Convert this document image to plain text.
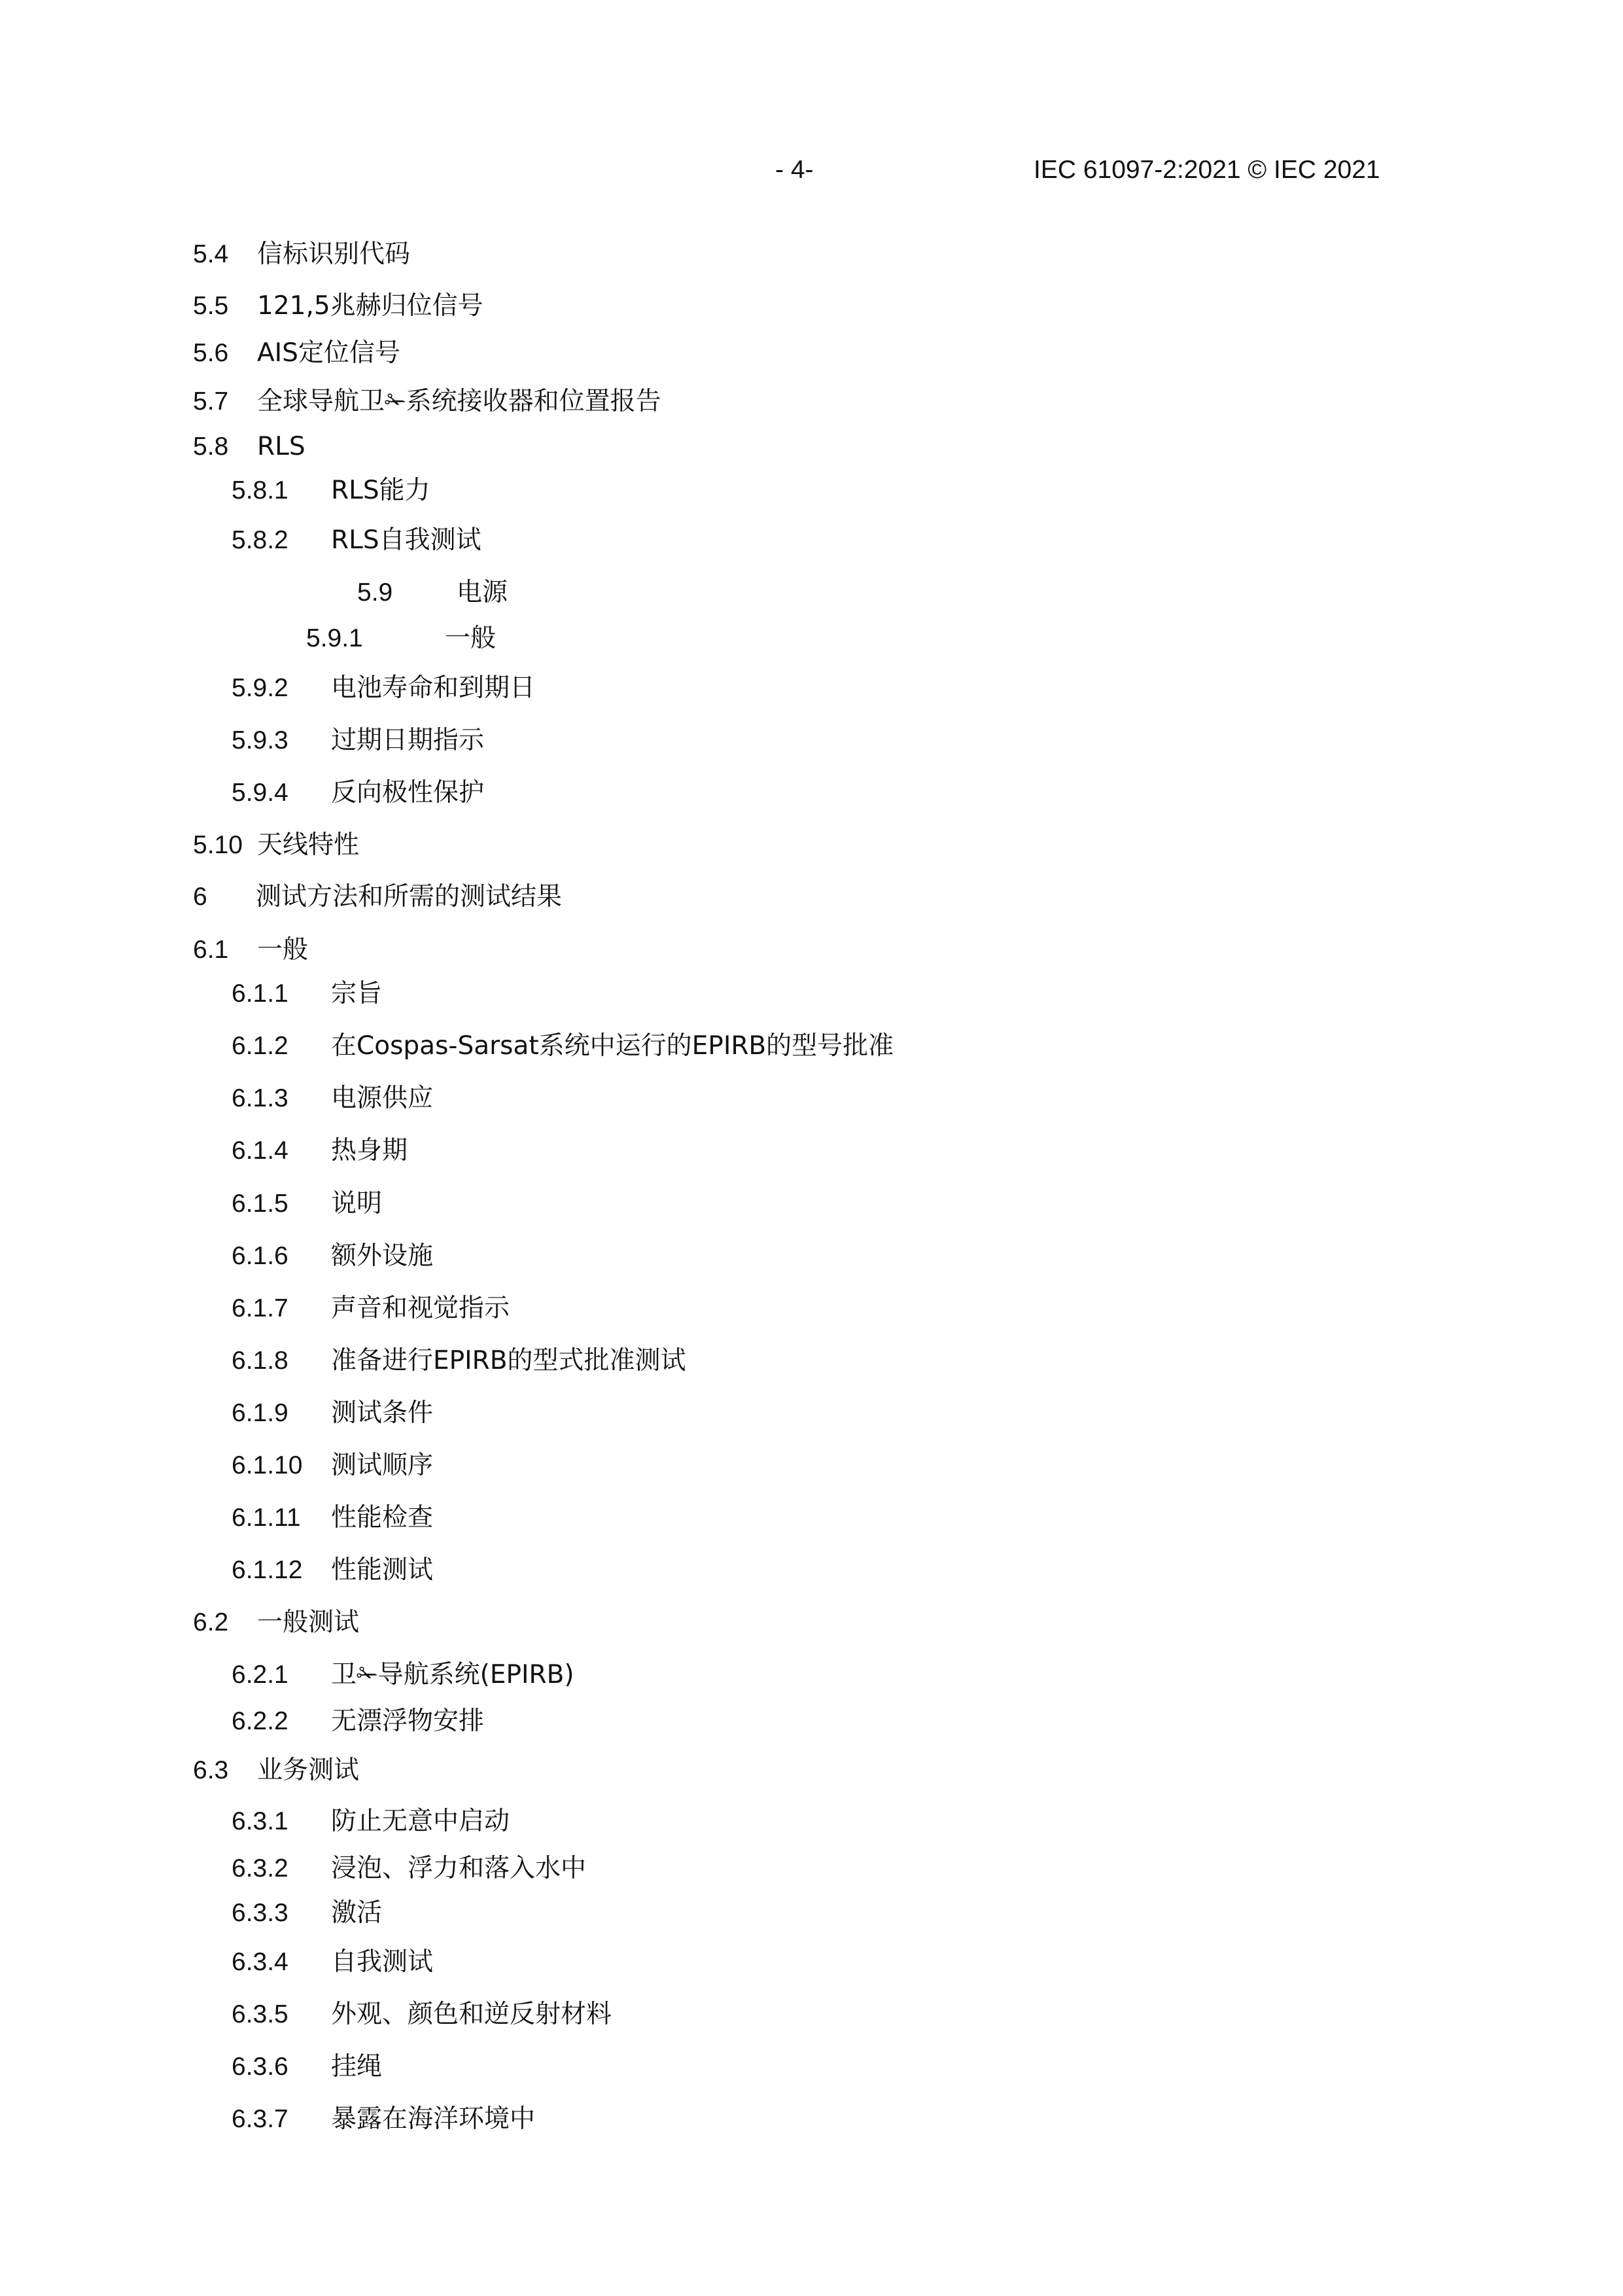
- 4-	IEC 61097-2:2021 © IEC 2021
5.4 信标识别代码
5.5 121,5兆赫归位信号
5.6 AIS定位信号
5.7 全球导航卫✁系统接收器和位置报告
5.8 RLS
5.8.1 RLS能力
5.8.2 RLS自我测试
5.9	电源
5.9.1	一般
5.9.2 电池寿命和到期日
5.9.3 过期日期指示
5.9.4 反向极性保护
5.10 天线特性
6 测试方法和所需的测试结果
6.1 一般
6.1.1 宗旨
6.1.2 在Cospas-Sarsat系统中运行的EPIRB的型号批准
6.1.3 电源供应
6.1.4 热身期
6.1.5 说明
6.1.6 额外设施
6.1.7 声音和视觉指示
6.1.8 准备进行EPIRB的型式批准测试
6.1.9 测试条件
6.1.10 测试顺序
6.1.11 性能检查
6.1.12 性能测试
6.2 一般测试
6.2.1 卫✁导航系统(EPIRB)
6.2.2 无漂浮物安排
6.3 业务测试
6.3.1 防止无意中启动
6.3.2 浸泡、浮力和落入水中
6.3.3 激活
6.3.4 自我测试
6.3.5 外观、颜色和逆反射材料
6.3.6 挂绳
6.3.7 暴露在海洋环境中
